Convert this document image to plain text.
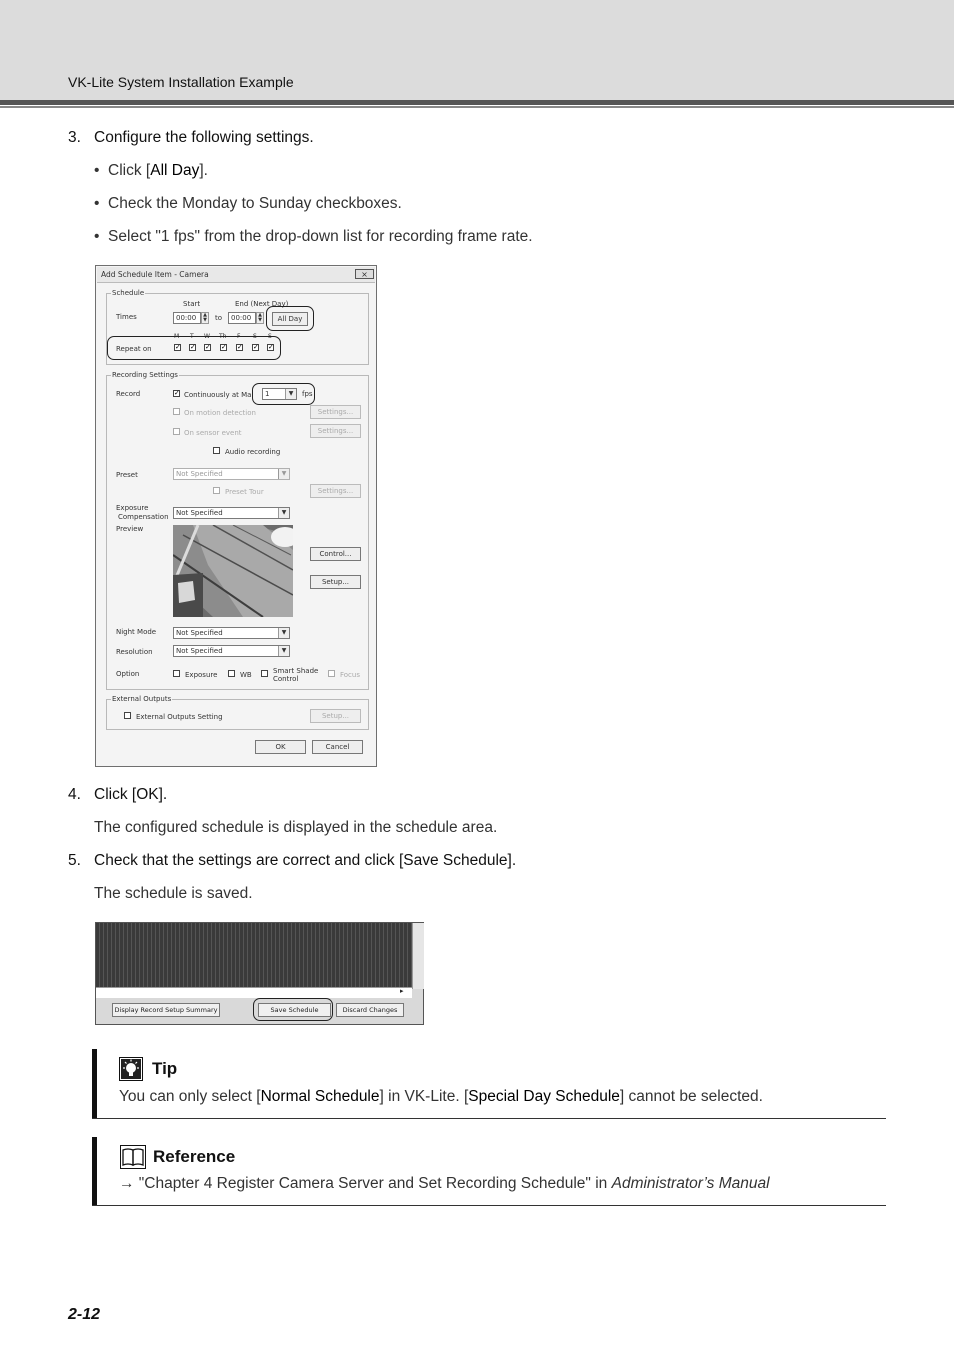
VK-Lite System Installation Example
3. Configure the following settings.
•  Click [All Day].
•  Check the Monday to Sunday checkboxes.
•  Select "1 fps" from the drop-down list for recording frame rate.
Add Schedule Item - Camera	×
Schedule
Start	End (Next Day)
Times	00:00	▲
▼ to	00:00	▲
▼	All Day
M T W Th F S S
Repeat on	✓ ✓ ✓ ✓ ✓ ✓ ✓
Recording Settings
Record	✓ Continuously at Ma	1	▼	fps
On motion detection	Settings...
On sensor event	Settings...
Audio recording
Preset	Not Specified	▼
Preset Tour	Settings...
Exposure
Compensation	Not Specified	▼
Preview
Control...
Setup...
Night Mode	Not Specified	▼
Resolution	Not Specified	▼
Option	Exposure	WB	Smart Shade
Control	Focus
External Outputs
External Outputs Setting	Setup...
OK	Cancel
4. Click [OK].
The configured schedule is displayed in the schedule area.
5. Check that the settings are correct and click [Save Schedule].
The schedule is saved.
▸
Display Record Setup Summary	Save Schedule	Discard Changes
Tip
You can only select [Normal Schedule] in VK-Lite. [Special Day Schedule] cannot be selected.
Reference
→ "Chapter 4 Register Camera Server and Set Recording Schedule" in Administrator’s Manual
2-12
